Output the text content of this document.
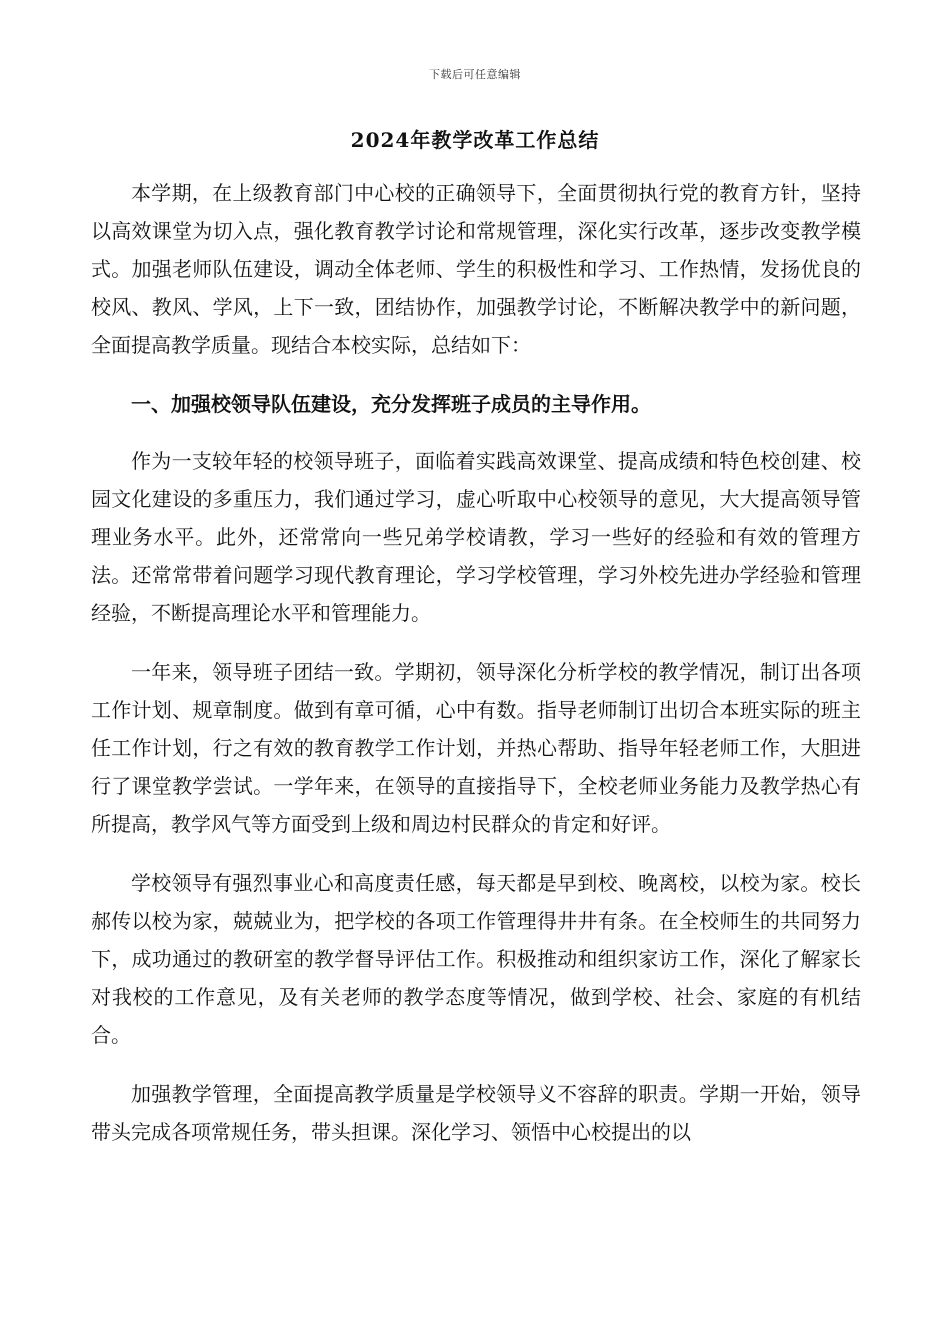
下载后可任意编辑
2024年教学改革工作总结

本学期，在上级教育部门中心校的正确领导下，全面贯彻执行党的教育方针，坚持以高效课堂为切入点，强化教育教学讨论和常规管理，深化实行改革，逐步改变教学模式。加强老师队伍建设，调动全体老师、学生的积极性和学习、工作热情，发扬优良的校风、教风、学风，上下一致，团结协作，加强教学讨论，不断解决教学中的新问题，全面提高教学质量。现结合本校实际，总结如下：

一、加强校领导队伍建设，充分发挥班子成员的主导作用。

作为一支较年轻的校领导班子，面临着实践高效课堂、提高成绩和特色校创建、校园文化建设的多重压力，我们通过学习，虚心听取中心校领导的意见，大大提高领导管理业务水平。此外，还常常向一些兄弟学校请教，学习一些好的经验和有效的管理方法。还常常带着问题学习现代教育理论，学习学校管理，学习外校先进办学经验和管理经验，不断提高理论水平和管理能力。

一年来，领导班子团结一致。学期初，领导深化分析学校的教学情况，制订出各项工作计划、规章制度。做到有章可循，心中有数。指导老师制订出切合本班实际的班主任工作计划，行之有效的教育教学工作计划，并热心帮助、指导年轻老师工作，大胆进行了课堂教学尝试。一学年来，在领导的直接指导下，全校老师业务能力及教学热心有所提高，教学风气等方面受到上级和周边村民群众的肯定和好评。

学校领导有强烈事业心和高度责任感，每天都是早到校、晚离校，以校为家。校长郝传以校为家，兢兢业为，把学校的各项工作管理得井井有条。在全校师生的共同努力下，成功通过的教研室的教学督导评估工作。积极推动和组织家访工作，深化了解家长对我校的工作意见，及有关老师的教学态度等情况，做到学校、社会、家庭的有机结合。

加强教学管理，全面提高教学质量是学校领导义不容辞的职责。学期一开始，领导带头完成各项常规任务，带头担课。深化学习、领悟中心校提出的以
